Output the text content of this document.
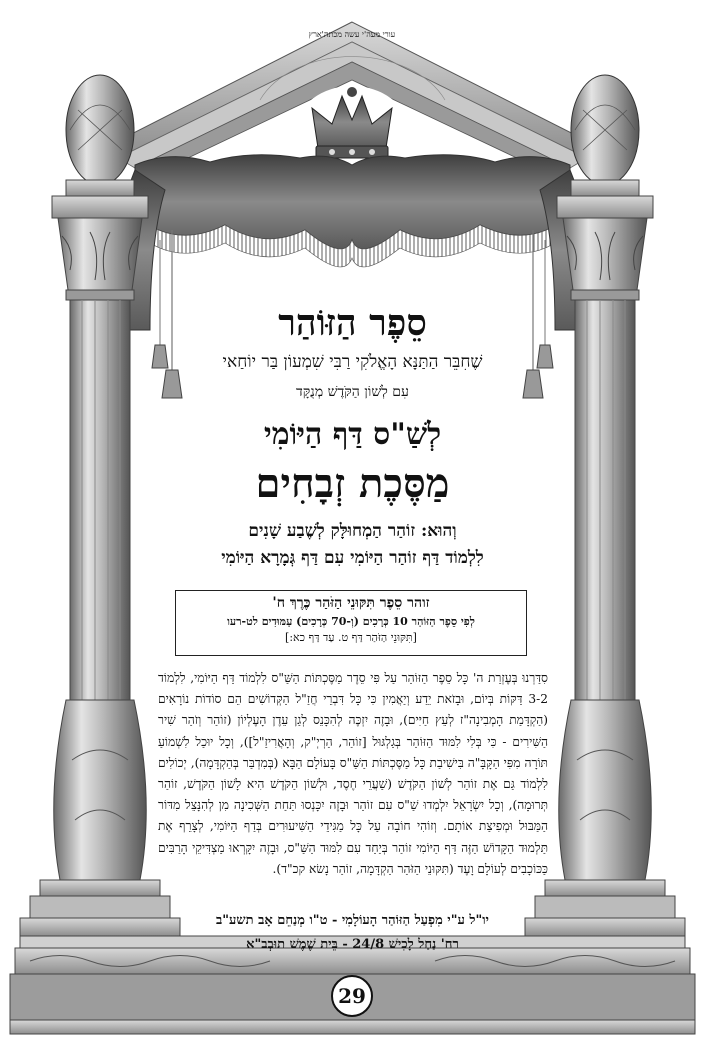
עורי מעה'י עשה מכתה'ארץ
סֵפֶר הַזּוֹהַר
שֶׁחִבֵּר הַתַּנָּא הָאֱלֹקִי רַבִּי שִׁמְעוֹן בַּר יוֹחַאי
עִם לְשׁוֹן הַקֹּדֶשׁ מְנֻקָּד
לְשַׁ"ס דַּף הַיּוֹמִי
מַסֶּכֶת זְבָחִים
וְהוּא: זוֹהַר הַמְחוּלָּק לְשֶׁבַע שָׁנִים
לִלְמוֹד דַּף זוֹהַר הַיּוֹמִי עִם דַּף גְּמָרָא הַיּוֹמִי
זוהר סֵפֶר תִּקּוּנֵי הַזֹּהַר כֶּרֶךְ ח'
לְפִי סֵפֶר הַזּוֹהַר 10 כְּרָכִים (וְ-70 כְּרָכִים) עַמּוּדִים לט-רעו
[תִּקּוּנֵי הַזֹּהַר דַּף ט. עַד דַּף כא:]
סִדַּרְנוּ בְּעֶזְרַת ה' כָּל סֵפֶר הַזּוֹהַר עַל פִּי סֵדֶר מַסֶּכְתּוֹת הַשַּׁ"ס לִלְמוֹד דַּף הַיּוֹמִי, לִלְמוֹד 3-2 דַּקּוֹת בְּיוֹם, וּבָזֹאת יֵדַע וְיַאֲמִין כִּי כָּל דִּבְרֵי חֲזַ"ל הַקְּדוֹשִׁים הֵם סוֹדוֹת נוֹרָאִים (הַקְדָּמַת הָמְבִינָה"ז לְעֵץ חַיִּים), וּבָזֶה יִזְכֶּה לְהִכָּנֵס לְגַן עֵדֶן הָעֶלְיוֹן (זוֹהַר וְזֹהַר שִׁיר הַשִּׁירִים - כִּי בְּלִי לִמּוּד הַזּוֹהַר בְּגַלְגּוּל [זוֹהַר, הַרְיְ"ק, וְהָאֲרִיזַ"ל]), וְכָל יוּכַל לִשְׁמוֹעַ תּוֹרָה מִפִּי הַקָּבָּ"ה בִּישִׁיבַת כָּל מַסֶּכְתּוֹת הַשַּׁ"ס בָּעוֹלָם הַבָּא (בְּמִדְבַּר בְּהַקְדָּמָה), יְכוֹלִים לִלְמוֹד גַּם אֶת זוֹהַר לְשׁוֹן הַקֹּדֶשׁ (שַׁעֲרֵי חֶסֶד, וּלְשׁוֹן הַקֹּדֶשׁ הִיא לָשׁוֹן הַקֹּדֶשׁ, זוֹהַר תְּרוּמָה), וְכָל יִשְׂרָאֵל יִלְמְדוּ שַׁ"ס עִם זוֹהַר וּבָזֶה יִכָּנְסוּ תַּחַת הַשְּׁכִינָה מִן לְהִנָּצֵל מִדּוֹר הַמַּבּוּל וּמְפִיצַת אוֹתָם. וְזוֹהִי חוֹבָה עַל כָּל מַגִּידֵי הַשִּׁיעוּרִים בְּדַף הַיּוֹמִי, לְצָרֵף אֶת תַּלְמוּד הַקָּדוֹשׁ הַזֶּה דַּף הַיּוֹמִי זוֹהַר בְּיַחַד עִם לִמּוּד הַשַּׁ"ס, וּבָזֶה יִקָּרְאוּ מַצְדִּיקֵי הָרַבִּים כַּכּוֹכָבִים לְעוֹלָם וָעֶד (תִּקּוּנֵי הַזֹּהַר הַקְדָּמָה, זוֹהַר נָשׂא קכ"ד).
יו"ל ע"י מִפְעַל הַזּוֹהַר הָעוֹלָמִי - ט"ו מְנַחֵם אָב תשע"ב
רח' נַחַל לָכִישׁ 24/8 - בֵּית שֶׁמֶשׁ תוּבְב"א
29
